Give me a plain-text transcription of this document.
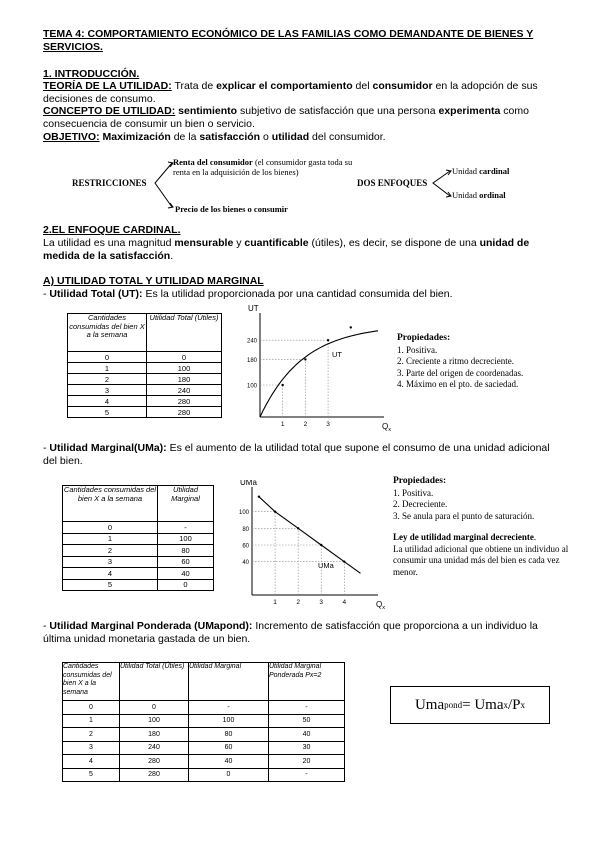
TEMA 4: COMPORTAMIENTO ECONÓMICO DE LAS FAMILIAS COMO DEMANDANTE DE BIENES Y SERVICIOS.
1. INTRODUCCIÓN.
TEORÍA DE LA UTILIDAD: Trata de explicar el comportamiento del consumidor en la adopción de sus decisiones de consumo.
CONCEPTO DE UTILIDAD: sentimiento subjetivo de satisfacción que una persona experimenta como consecuencia de consumir un bien o servicio.
OBJETIVO: Maximización de la satisfacción o utilidad del consumidor.
RESTRICCIONES
Renta del consumidor (el consumidor gasta toda su renta en la adquisición de los bienes)
Precio de los bienes o consumir
DOS ENFOQUES
Unidad cardinal
Unidad ordinal
2.EL ENFOQUE CARDINAL.
La utilidad es una magnitud mensurable y cuantificable (útiles), es decir, se dispone de una unidad de medida de la satisfacción.
A) UTILIDAD TOTAL Y UTILIDAD MARGINAL
- Utilidad Total (UT): Es la utilidad proporcionada por una cantidad consumida del bien.
Cantidades consumidas del bien X a la semana	Utilidad Total (Útiles)
0	0
1	100
2	180
3	240
4	280
5	280
UT
$Q_x$
240
180
100
1	2	3
UT
Propiedades:
1. Positiva.
2. Creciente a ritmo decreciente.
3. Parte del origen de coordenadas.
4. Máximo en el pto. de saciedad.
- Utilidad Marginal(UMa): Es el aumento de la utilidad total que supone el consumo de una unidad adicional del bien.
Cantidades consumidas del bien X a la semana	Utilidad Marginal
0	-
1	100
2	80
3	60
4	40
5	0
UMa
$Q_x$
100
80
60
40
1	2	3	4
UMa
Propiedades:
1. Positiva.
2. Decreciente.
3. Se anula para el punto de saturación.
Ley de utilidad marginal decreciente.
La utilidad adicional que obtiene un individuo al consumir una unidad más del bien es cada vez menor.
- Utilidad Marginal Ponderada (UMapond): Incremento de satisfacción que proporciona a un individuo la última unidad monetaria gastada de un bien.
Cantidades consumidas del bien X a la semana	Utilidad Total (Útiles)	Utilidad Marginal	Utilidad Marginal Ponderada Px=2
0	0	-	-
1	100	100	50
2	180	80	40
3	240	60	30
4	280	40	20
5	280	0	-
Uma pond = Uma x /P x
